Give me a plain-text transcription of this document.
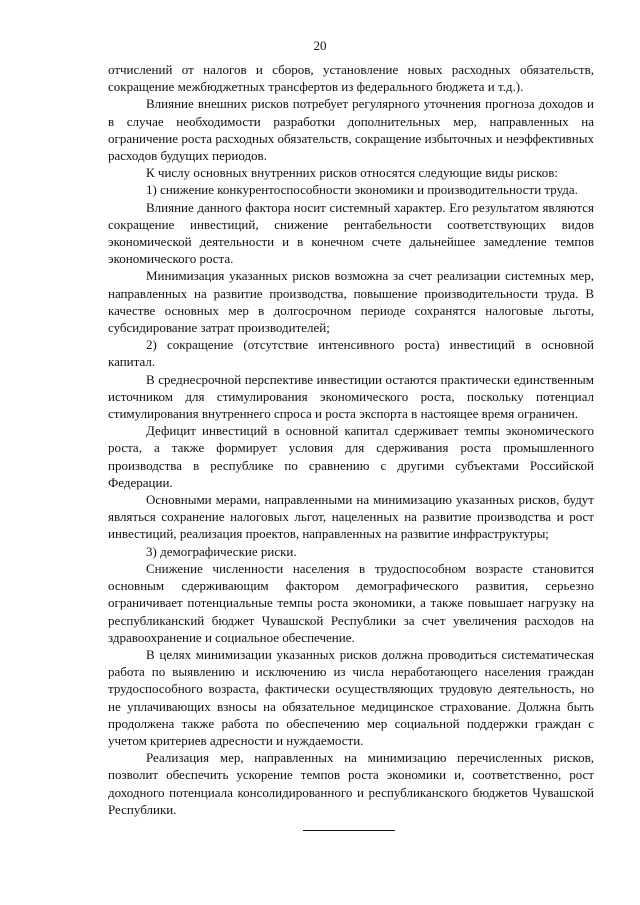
20

отчислений от налогов и сборов, установление новых расходных обязательств, сокращение межбюджетных трансфертов из федерального бюджета и т.д.).

Влияние внешних рисков потребует регулярного уточнения прогноза доходов и в случае необходимости разработки дополнительных мер, направленных на ограничение роста расходных обязательств, сокращение избыточных и неэффективных расходов будущих периодов.

К числу основных внутренних рисков относятся следующие виды рисков:

1) снижение конкурентоспособности экономики и производительности труда.

Влияние данного фактора носит системный характер. Его результатом являются сокращение инвестиций, снижение рентабельности соответствующих видов экономической деятельности и в конечном счете дальнейшее замедление темпов экономического роста.

Минимизация указанных рисков возможна за счет реализации системных мер, направленных на развитие производства, повышение производительности труда. В качестве основных мер в долгосрочном периоде сохранятся налоговые льготы, субсидирование затрат производителей;

2) сокращение (отсутствие интенсивного роста) инвестиций в основной капитал.

В среднесрочной перспективе инвестиции остаются практически единственным источником для стимулирования экономического роста, поскольку потенциал стимулирования внутреннего спроса и роста экспорта в настоящее время ограничен.

Дефицит инвестиций в основной капитал сдерживает темпы экономического роста, а также формирует условия для сдерживания роста промышленного производства в республике по сравнению с другими субъектами Российской Федерации.

Основными мерами, направленными на минимизацию указанных рисков, будут являться сохранение налоговых льгот, нацеленных на развитие производства и рост инвестиций, реализация проектов, направленных на развитие инфраструктуры;

3) демографические риски.

Снижение численности населения в трудоспособном возрасте становится основным сдерживающим фактором демографического развития, серьезно ограничивает потенциальные темпы роста экономики, а также повышает нагрузку на республиканский бюджет Чувашской Республики за счет увеличения расходов на здравоохранение и социальное обеспечение.

В целях минимизации указанных рисков должна проводиться систематическая работа по выявлению и исключению из числа неработающего населения граждан трудоспособного возраста, фактически осуществляющих трудовую деятельность, но не уплачивающих взносы на обязательное медицинское страхование. Должна быть продолжена также работа по обеспечению мер социальной поддержки граждан с учетом критериев адресности и нуждаемости.

Реализация мер, направленных на минимизацию перечисленных рисков, позволит обеспечить ускорение темпов роста экономики и, соответственно, рост доходного потенциала консолидированного и республиканского бюджетов Чувашской Республики.
